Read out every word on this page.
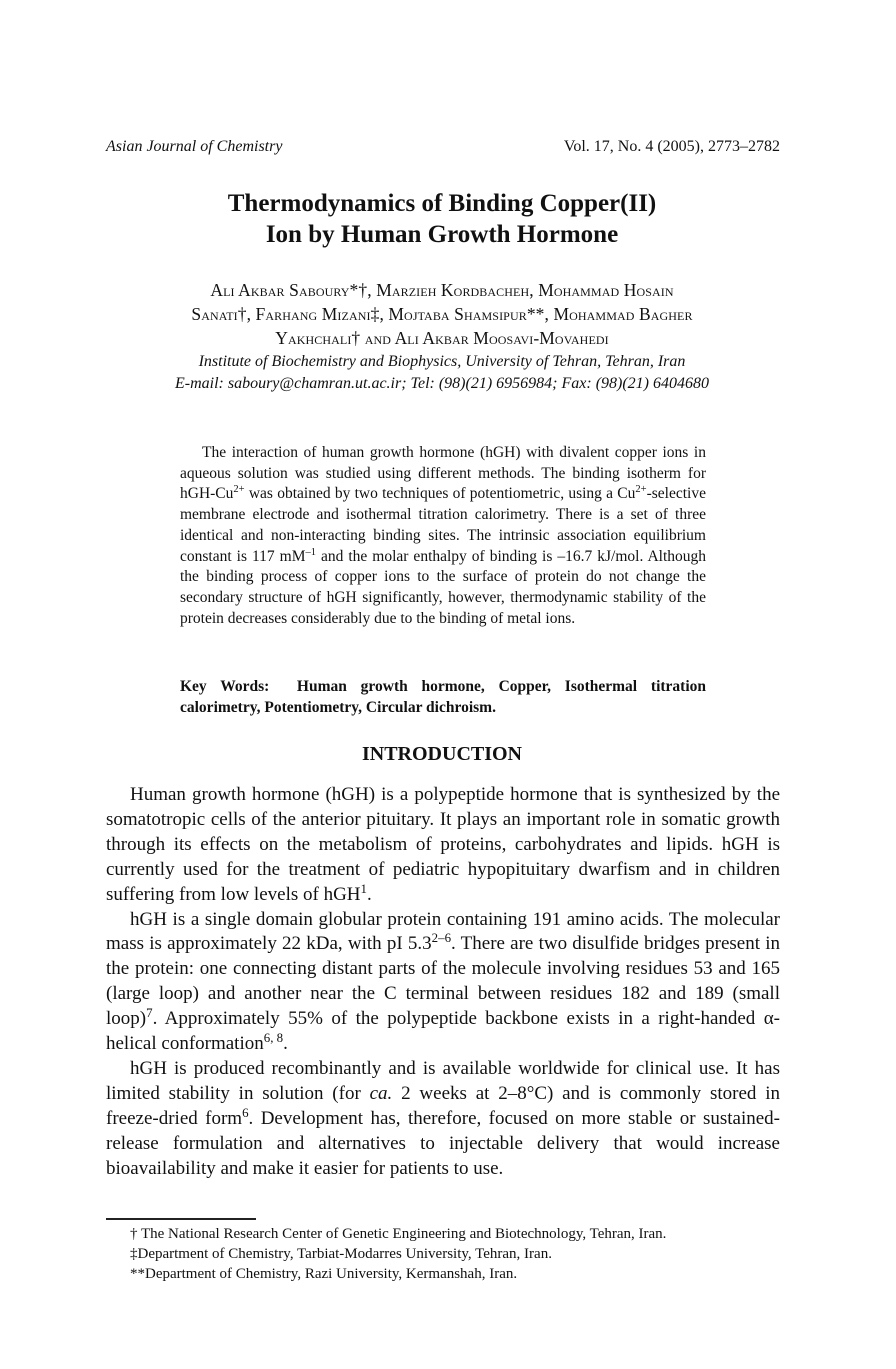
Asian Journal of Chemistry	Vol. 17, No. 4 (2005), 2773–2782
Thermodynamics of Binding Copper(II)
Ion by Human Growth Hormone
Ali Akbar Saboury*†, Marzieh Kordbacheh, Mohammad Hosain
Sanati†, Farhang Mizani‡, Mojtaba Shamsipur**, Mohammad Bagher
Yakhchali† and Ali Akbar Moosavi-Movahedi
Institute of Biochemistry and Biophysics, University of Tehran, Tehran, Iran
E-mail: saboury@chamran.ut.ac.ir; Tel: (98)(21) 6956984; Fax: (98)(21) 6404680

The interaction of human growth hormone (hGH) with divalent copper ions in aqueous solution was studied using different methods. The binding isotherm for hGH-$Cu^{2+}$ was obtained by two techniques of potentiometric, using a $Cu^{2+}$-selective membrane electrode and isothermal titration calorimetry. There is a set of three identical and non-interacting binding sites. The intrinsic association equilibrium constant is 117 $mM^{-1}$ and the molar enthalpy of binding is –16.7 kJ/mol. Although the binding process of copper ions to the surface of protein do not change the secondary structure of hGH significantly, however, thermodynamic stability of the protein decreases considerably due to the binding of metal ions.

Key Words: Human growth hormone, Copper, Isothermal titration calorimetry, Potentiometry, Circular dichroism.
INTRODUCTION

Human growth hormone (hGH) is a polypeptide hormone that is synthesized by the somatotropic cells of the anterior pituitary. It plays an important role in somatic growth through its effects on the metabolism of proteins, carbohydrates and lipids. hGH is currently used for the treatment of pediatric hypopituitary dwarfism and in children suffering from low levels of hGH$^1$.

hGH is a single domain globular protein containing 191 amino acids. The molecular mass is approximately 22 kDa, with pI 5.3$^{2-6}$. There are two disulfide bridges present in the protein: one connecting distant parts of the molecule involving residues 53 and 165 (large loop) and another near the C terminal between residues 182 and 189 (small loop)$^7$. Approximately 55% of the polypeptide backbone exists in a right-handed α-helical conformation$^{6, 8}$.

hGH is produced recombinantly and is available worldwide for clinical use. It has limited stability in solution (for ca. 2 weeks at 2–8°C) and is commonly stored in freeze-dried form$^6$. Development has, therefore, focused on more stable or sustained-release formulation and alternatives to injectable delivery that would increase bioavailability and make it easier for patients to use.

† The National Research Center of Genetic Engineering and Biotechnology, Tehran, Iran.
‡Department of Chemistry, Tarbiat-Modarres University, Tehran, Iran.
**Department of Chemistry, Razi University, Kermanshah, Iran.
